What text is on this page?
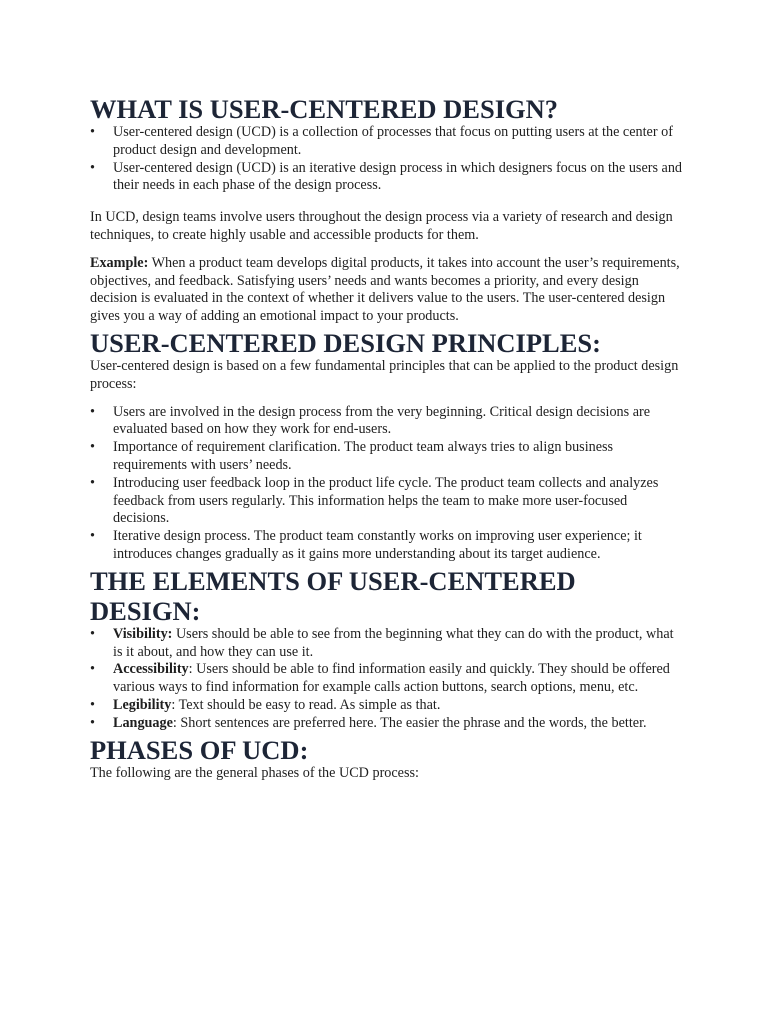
WHAT IS USER-CENTERED DESIGN?
•	User-centered design (UCD) is a collection of processes that focus on putting users at the center of product design and development.
•	User-centered design (UCD) is an iterative design process in which designers focus on the users and their needs in each phase of the design process.

In UCD, design teams involve users throughout the design process via a variety of research and design techniques, to create highly usable and accessible products for them.

Example: When a product team develops digital products, it takes into account the user’s requirements, objectives, and feedback. Satisfying users’ needs and wants becomes a priority, and every design decision is evaluated in the context of whether it delivers value to the users. The user-centered design gives you a way of adding an emotional impact to your products.

USER-CENTERED DESIGN PRINCIPLES:

User-centered design is based on a few fundamental principles that can be applied to the product design process:

•	Users are involved in the design process from the very beginning. Critical design decisions are evaluated based on how they work for end-users.
•	Importance of requirement clarification. The product team always tries to align business requirements with users’ needs.
•	Introducing user feedback loop in the product life cycle. The product team collects and analyzes feedback from users regularly. This information helps the team to make more user-focused decisions.
•	Iterative design process. The product team constantly works on improving user experience; it introduces changes gradually as it gains more understanding about its target audience.
THE ELEMENTS OF USER-CENTERED DESIGN:
•	Visibility: Users should be able to see from the beginning what they can do with the product, what is it about, and how they can use it.
•	Accessibility: Users should be able to find information easily and quickly. They should be offered various ways to find information for example calls action buttons, search options, menu, etc.
•	Legibility: Text should be easy to read. As simple as that.
•	Language: Short sentences are preferred here. The easier the phrase and the words, the better.
PHASES OF UCD:

The following are the general phases of the UCD process:
